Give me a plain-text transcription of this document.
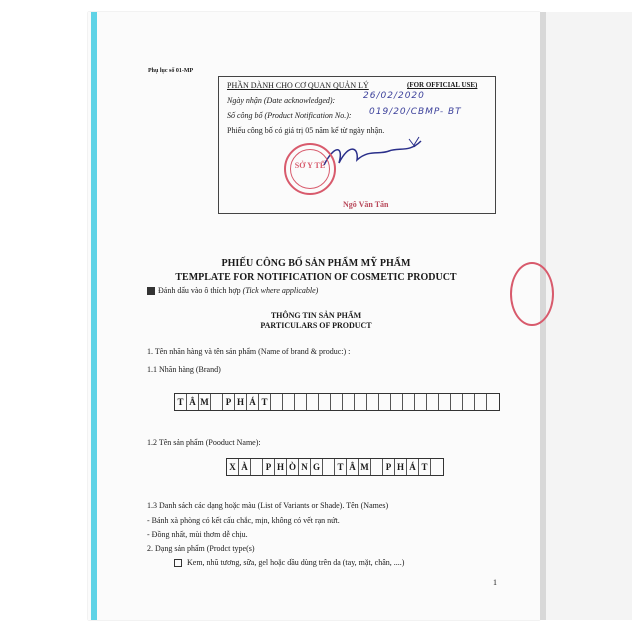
Phụ lục số 01-MP
PHẦN DÀNH CHO CƠ QUAN QUẢN LÝ	(FOR OFFICIAL USE)
Ngày nhận (Date acknowledged):	26/02/2020
Số công bố (Product Notification No.): 019/20/CBMP- BT
Phiếu công bố có giá trị 05 năm kể từ ngày nhận.
SỞ Y TẾ
Ngô Văn Tấn
PHIẾU CÔNG BỐ SẢN PHẨM MỸ PHẨM
TEMPLATE FOR NOTIFICATION OF COSMETIC PRODUCT
Đánh dấu vào ô thích hợp (Tick where applicable)
THÔNG TIN SẢN PHẨM
PARTICULARS OF PRODUCT
1. Tên nhãn hàng và tên sản phẩm (Name of brand & produc:) :
1.1 Nhãn hàng (Brand)
T Â M	P H Á T
1.2 Tên sản phẩm (Pooduct Name):
X À	P H Ò N G	T Â M	P H Á T
1.3 Danh sách các dạng hoặc màu (List of Variants or Shade). Tên (Names)
- Bánh xà phòng có kết cấu chắc, mịn, không có vết rạn nứt.
- Đồng nhất, mùi thơm dễ chịu.
2. Dạng sản phẩm (Prodct type(s)
Kem, nhũ tương, sữa, gel hoặc dầu dùng trên da (tay, mặt, chân, ....)
1
